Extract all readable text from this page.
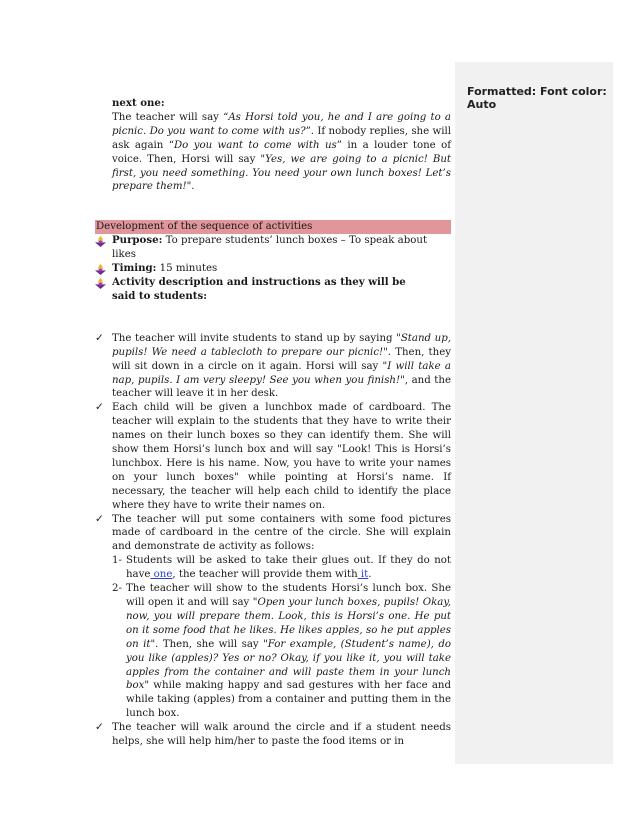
Formatted: Font color: Auto
next one:
The teacher will say “As Horsi told you, he and I are going to a picnic. Do you want to come with us?”. If nobody replies, she will ask again “Do you want to come with us” in a louder tone of voice. Then, Horsi will say "Yes, we are going to a picnic! But first, you need something. You need your own lunch boxes! Let’s prepare them!".
Development of the sequence of activities
Purpose: To prepare students’ lunch boxes – To speak about likes
Timing: 15 minutes
Activity description and instructions as they will be said to students:
✓ The teacher will invite students to stand up by saying "Stand up, pupils! We need a tablecloth to prepare our picnic!". Then, they will sit down in a circle on it again. Horsi will say "I will take a nap, pupils. I am very sleepy! See you when you finish!", and the teacher will leave it in her desk.
✓ Each child will be given a lunchbox made of cardboard. The teacher will explain to the students that they have to write their names on their lunch boxes so they can identify them. She will show them Horsi’s lunch box and will say "Look! This is Horsi’s lunchbox. Here is his name. Now, you have to write your names on your lunch boxes" while pointing at Horsi’s name. If necessary, the teacher will help each child to identify the place where they have to write their names on.
✓ The teacher will put some containers with some food pictures made of cardboard in the centre of the circle. She will explain and demonstrate de activity as follows:
1- Students will be asked to take their glues out. If they do not have one, the teacher will provide them with it.
2- The teacher will show to the students Horsi’s lunch box. She will open it and will say "Open your lunch boxes, pupils! Okay, now, you will prepare them. Look, this is Horsi’s one. He put on it some food that he likes. He likes apples, so he put apples on it". Then, she will say "For example, (Student’s name), do you like (apples)? Yes or no? Okay, if you like it, you will take apples from the container and will paste them in your lunch box" while making happy and sad gestures with her face and while taking (apples) from a container and putting them in the lunch box.
✓ The teacher will walk around the circle and if a student needs helps, she will help him/her to paste the food items or in
